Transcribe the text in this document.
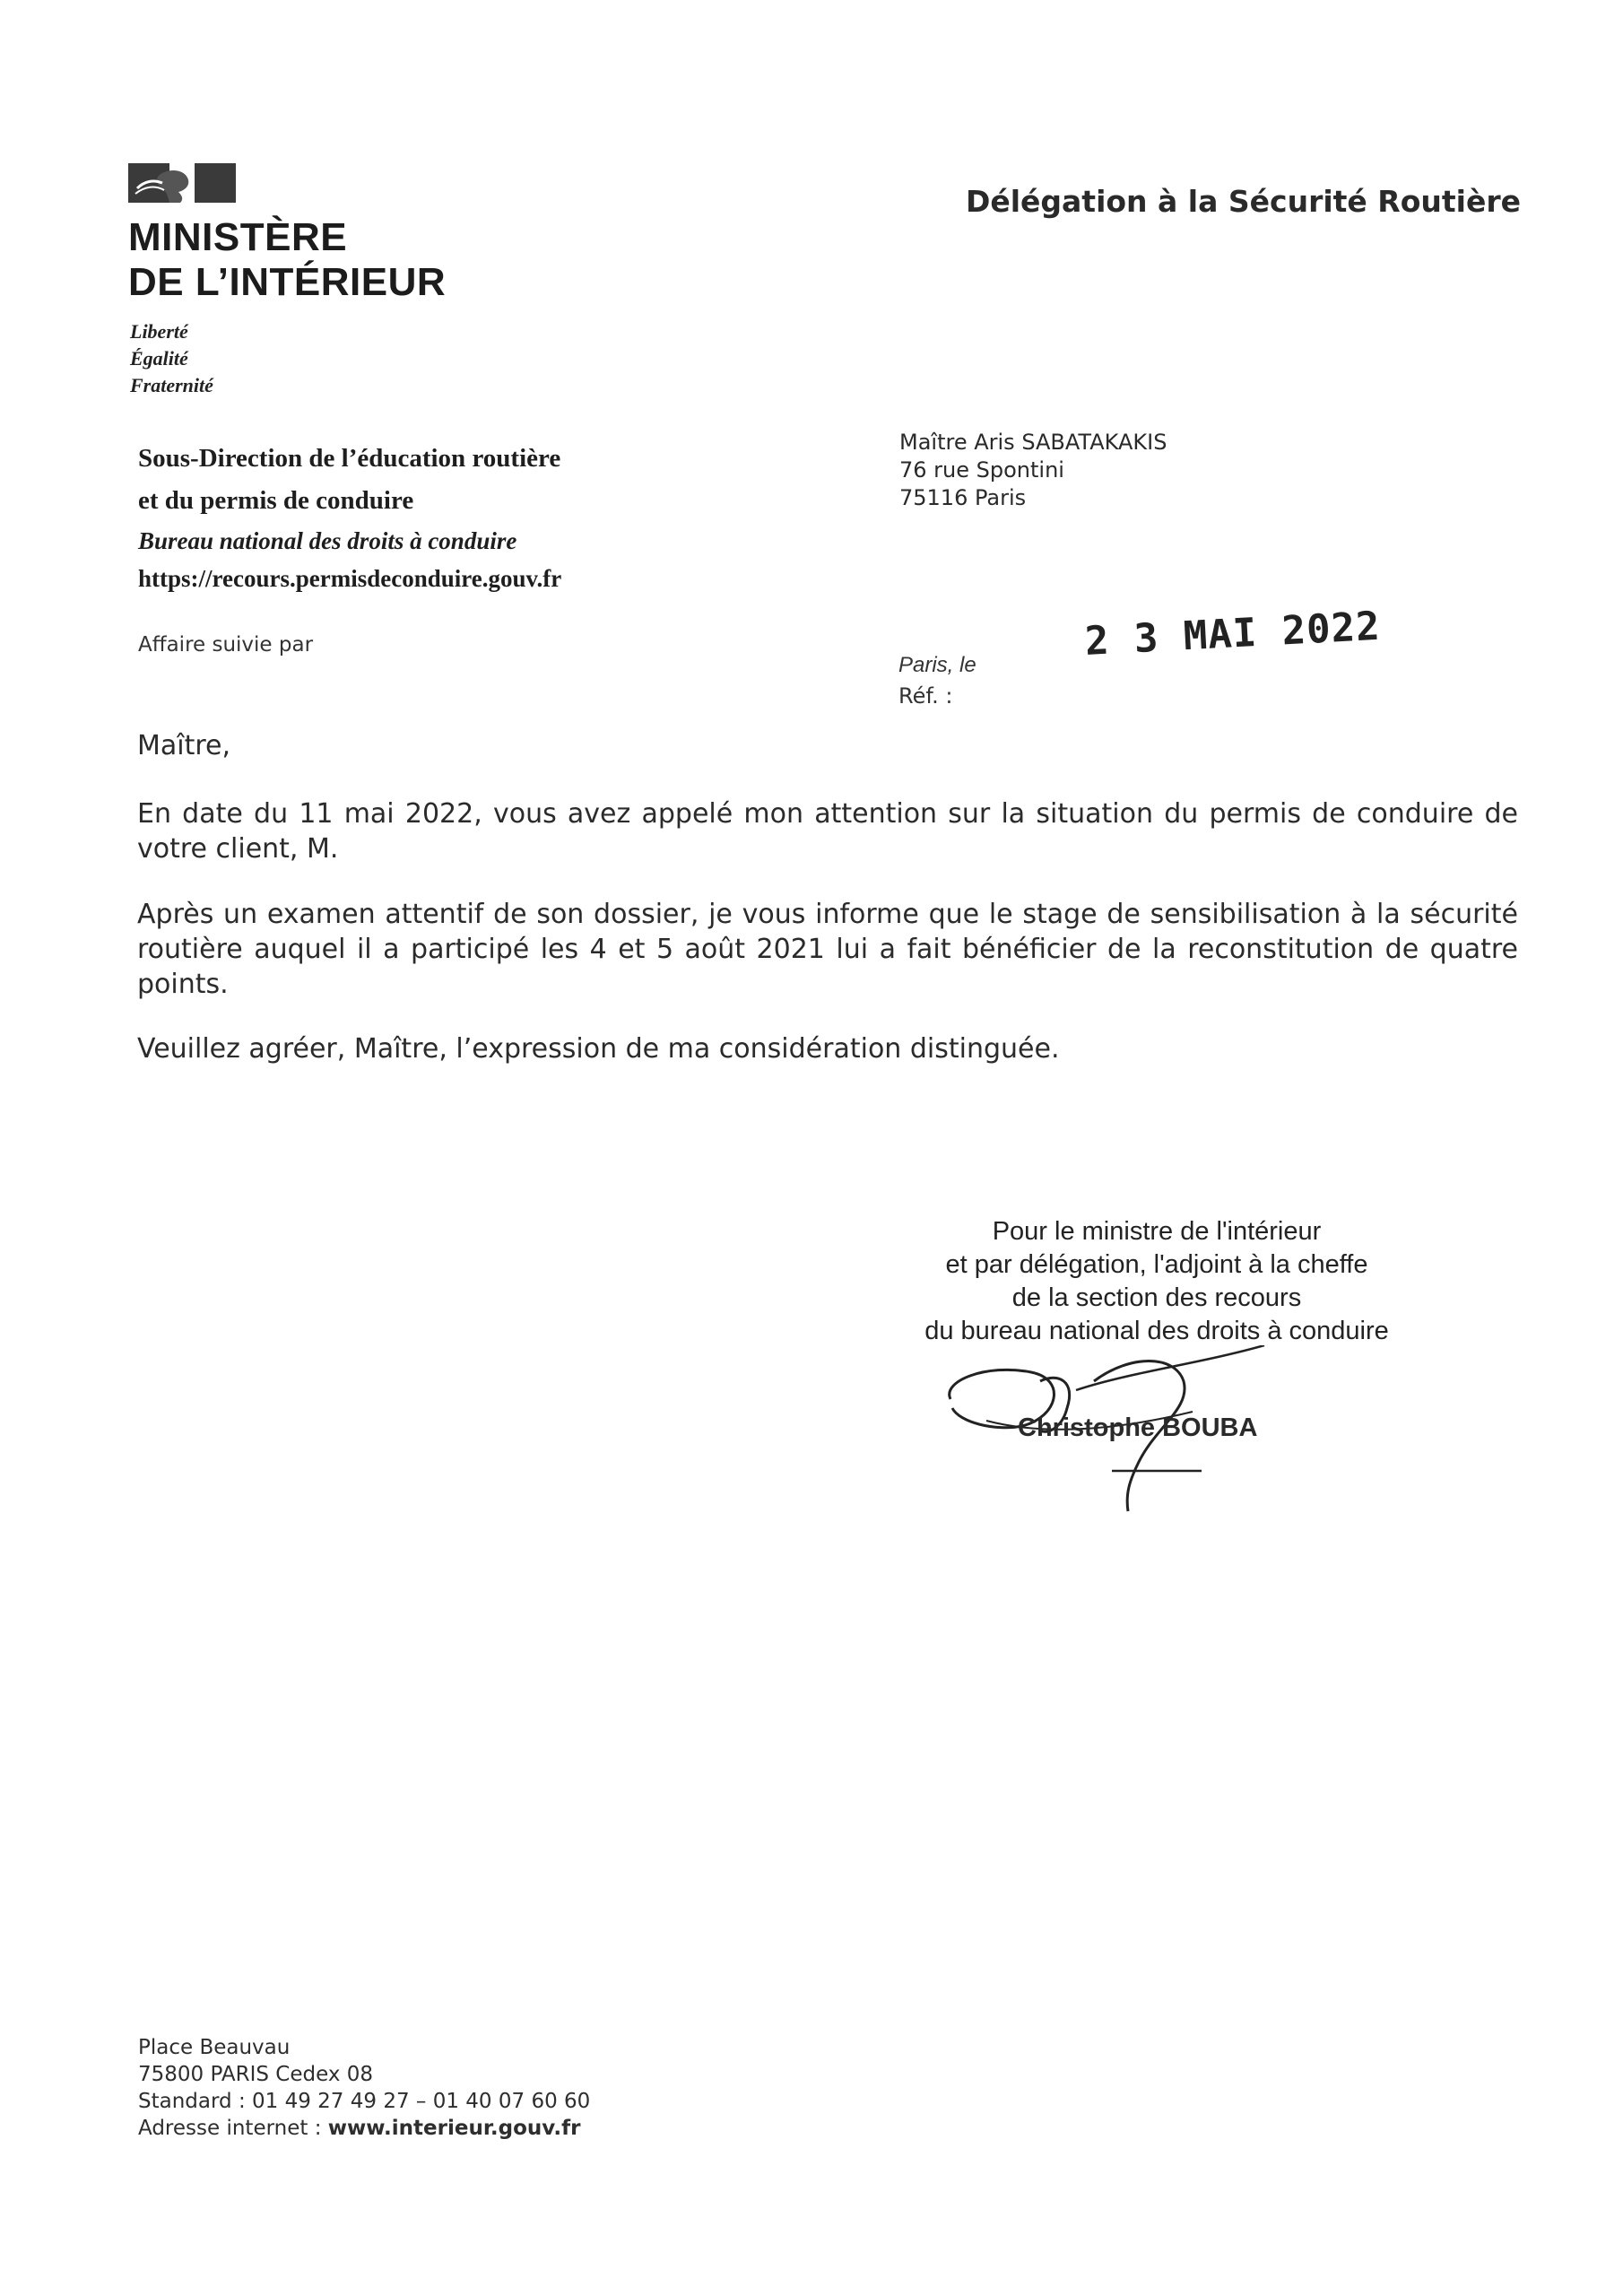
MINISTÈRE
DE L’INTÉRIEUR
Liberté
Égalité
Fraternité
Délégation à la Sécurité Routière
Sous-Direction de l’éducation routière
et du permis de conduire
Bureau national des droits à conduire
https://recours.permisdeconduire.gouv.fr
Affaire suivie par
Maître Aris SABATAKAKIS
76 rue Spontini
75116 Paris
Paris, le
2 3 MAI 2022
Réf. :
Maître,
En date du 11 mai 2022, vous avez appelé mon attention sur la situation du permis de conduire de votre client, M.
Après un examen attentif de son dossier, je vous informe que le stage de sensibilisation à la sécurité routière auquel il a participé les 4 et 5 août 2021 lui a fait bénéficier de la reconstitution de quatre points.
Veuillez agréer, Maître, l’expression de ma considération distinguée.
Pour le ministre de l'intérieur
et par délégation, l'adjoint à la cheffe
de la section des recours
du bureau national des droits à conduire
Christophe BOUBA
Place Beauvau
75800 PARIS Cedex 08
Standard : 01 49 27 49 27 – 01 40 07 60 60
Adresse internet : www.interieur.gouv.fr
